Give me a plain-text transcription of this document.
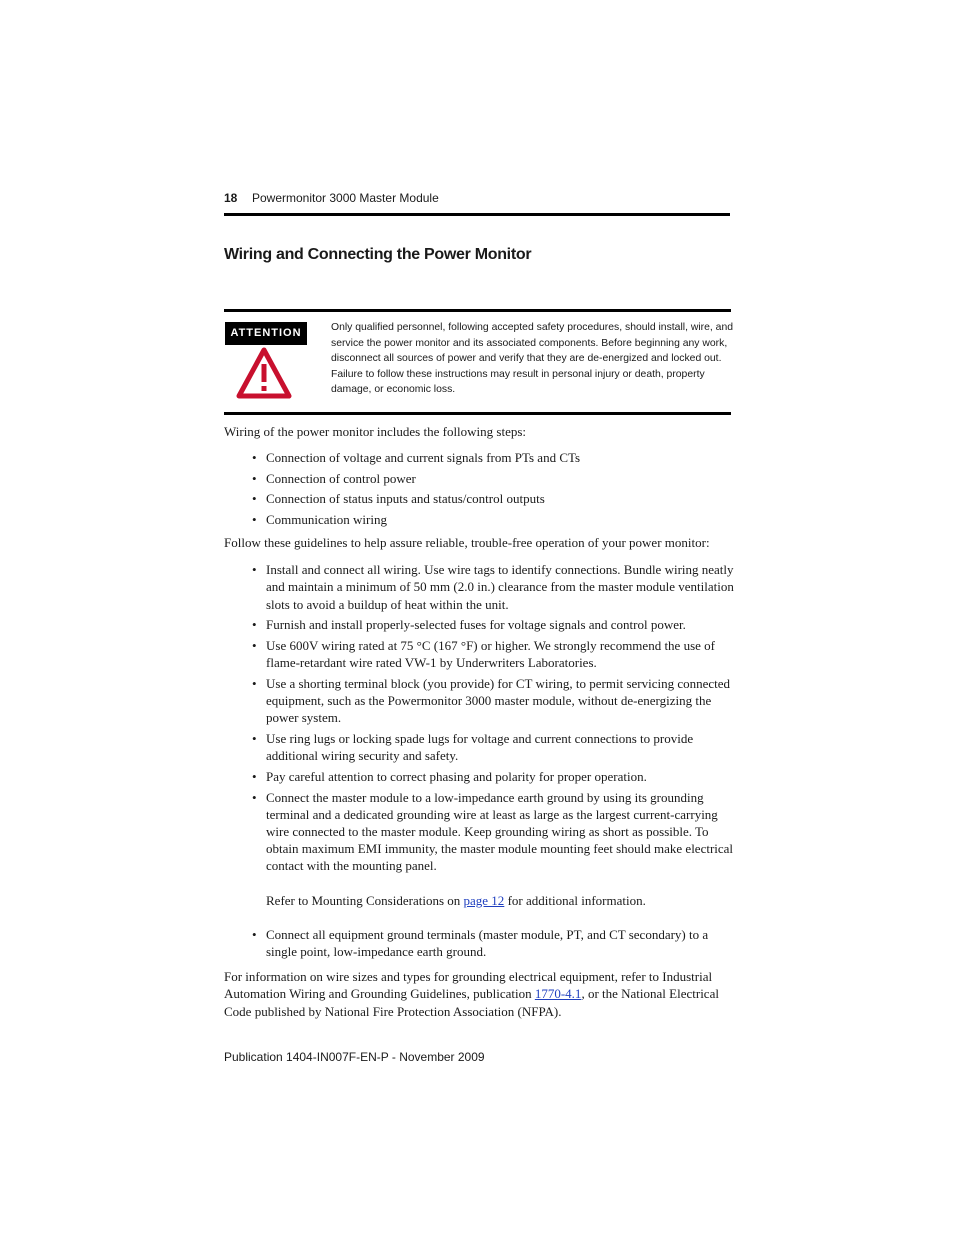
18 Powermonitor 3000 Master Module
Wiring and Connecting the Power Monitor
ATTENTION	Only qualified personnel, following accepted safety procedures, should install, wire, and service the power monitor and its associated components. Before beginning any work, disconnect all sources of power and verify that they are de-energized and locked out. Failure to follow these instructions may result in personal injury or death, property damage, or economic loss.

Wiring of the power monitor includes the following steps:

• Connection of voltage and current signals from PTs and CTs
• Connection of control power
• Connection of status inputs and status/control outputs
• Communication wiring

Follow these guidelines to help assure reliable, trouble-free operation of your power monitor:

• Install and connect all wiring. Use wire tags to identify connections. Bundle wiring neatly and maintain a minimum of 50 mm (2.0 in.) clearance from the master module ventilation slots to avoid a buildup of heat within the unit.
• Furnish and install properly-selected fuses for voltage signals and control power.
• Use 600V wiring rated at 75 °C (167 °F) or higher. We strongly recommend the use of flame-retardant wire rated VW-1 by Underwriters Laboratories.
• Use a shorting terminal block (you provide) for CT wiring, to permit servicing connected equipment, such as the Powermonitor 3000 master module, without de-energizing the power system.
• Use ring lugs or locking spade lugs for voltage and current connections to provide additional wiring security and safety.
• Pay careful attention to correct phasing and polarity for proper operation.
• Connect the master module to a low-impedance earth ground by using its grounding terminal and a dedicated grounding wire at least as large as the largest current-carrying wire connected to the master module. Keep grounding wiring as short as possible. To obtain maximum EMI immunity, the master module mounting feet should make electrical contact with the mounting panel.
Refer to Mounting Considerations on page 12 for additional information.
• Connect all equipment ground terminals (master module, PT, and CT secondary) to a single point, low-impedance earth ground.

For information on wire sizes and types for grounding electrical equipment, refer to Industrial Automation Wiring and Grounding Guidelines, publication 1770-4.1, or the National Electrical Code published by National Fire Protection Association (NFPA).

Publication 1404-IN007F-EN-P - November 2009
